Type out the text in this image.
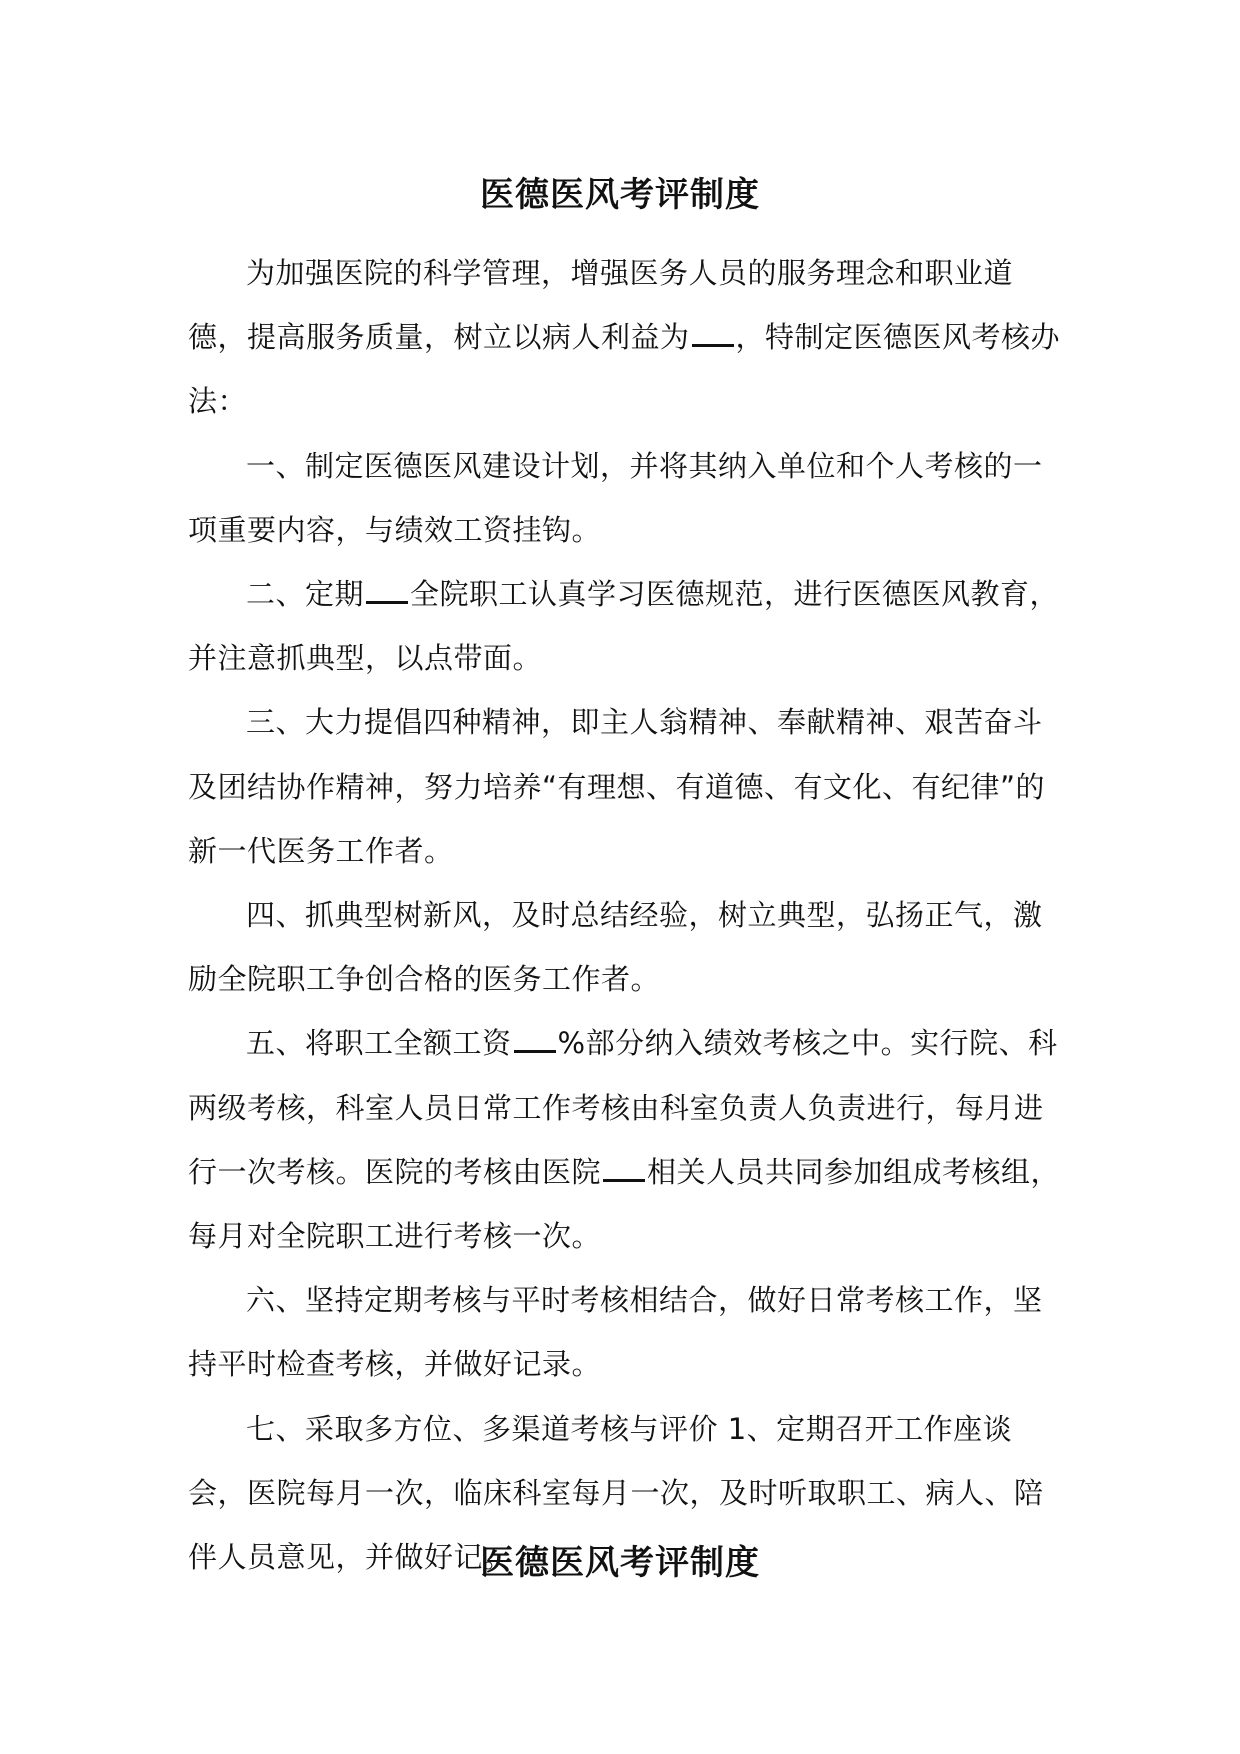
医德医风考评制度

为加强医院的科学管理，增强医务人员的服务理念和职业道德，提高服务质量，树立以病人利益为 ，特制定医德医风考核办法：

一、制定医德医风建设计划，并将其纳入单位和个人考核的一项重要内容，与绩效工资挂钩。

二、定期 全院职工认真学习医德规范，进行医德医风教育，并注意抓典型，以点带面。

三、大力提倡四种精神，即主人翁精神、奉献精神、艰苦奋斗及团结协作精神，努力培养“有理想、有道德、有文化、有纪律”的新一代医务工作者。

四、抓典型树新风，及时总结经验，树立典型，弘扬正气，激励全院职工争创合格的医务工作者。

五、将职工全额工资 %部分纳入绩效考核之中。实行院、科两级考核，科室人员日常工作考核由科室负责人负责进行，每月进行一次考核。医院的考核由医院 相关人员共同参加组成考核组，每月对全院职工进行考核一次。

六、坚持定期考核与平时考核相结合，做好日常考核工作，坚持平时检查考核，并做好记录。

七、采取多方位、多渠道考核与评价 1、定期召开工作座谈会，医院每月一次，临床科室每月一次，及时听取职工、病人、陪伴人员意见，并做好记。

医德医风考评制度
